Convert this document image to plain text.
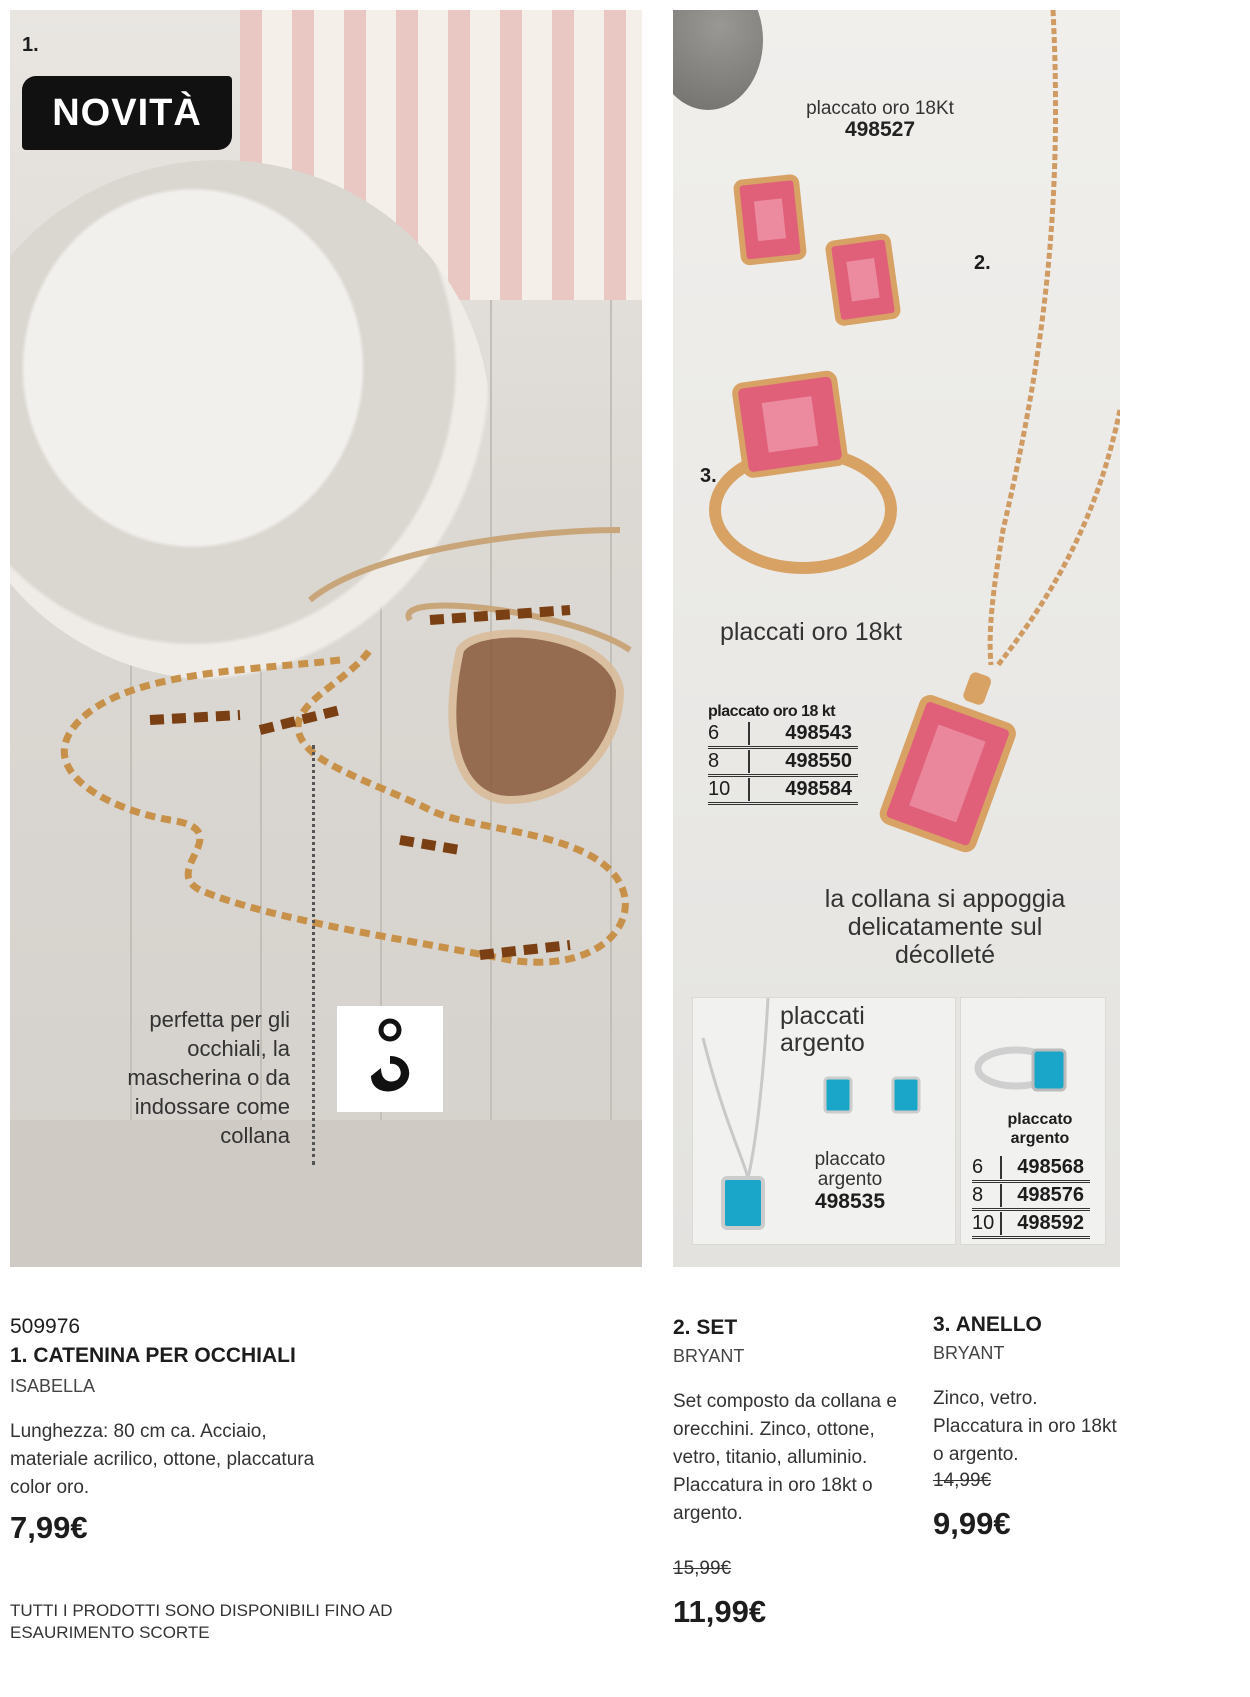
1.
NOVITÀ
perfetta per gli occhiali, la mascherina o da indossare come collana
placcato oro 18Kt
498527
2.
3.
placcati oro 18kt
placcato oro 18 kt
6	498543
8	498550
10	498584
la collana si appoggia delicatamente sul décolleté
placcati argento
placcato argento
498535
placcato argento
6	498568
8	498576
10	498592
509976
1. CATENINA PER OCCHIALI
ISABELLA
Lunghezza: 80 cm ca. Acciaio, materiale acrilico, ottone, placcatura color oro.
7,99€
TUTTI I PRODOTTI SONO DISPONIBILI FINO AD ESAURIMENTO SCORTE
2. SET
BRYANT
Set composto da collana e orecchini. Zinco, ottone, vetro, titanio, alluminio. Placcatura in oro 18kt o argento.
15,99€
11,99€
3. ANELLO
BRYANT
Zinco, vetro. Placcatura in oro 18kt o argento.
14,99€
9,99€
